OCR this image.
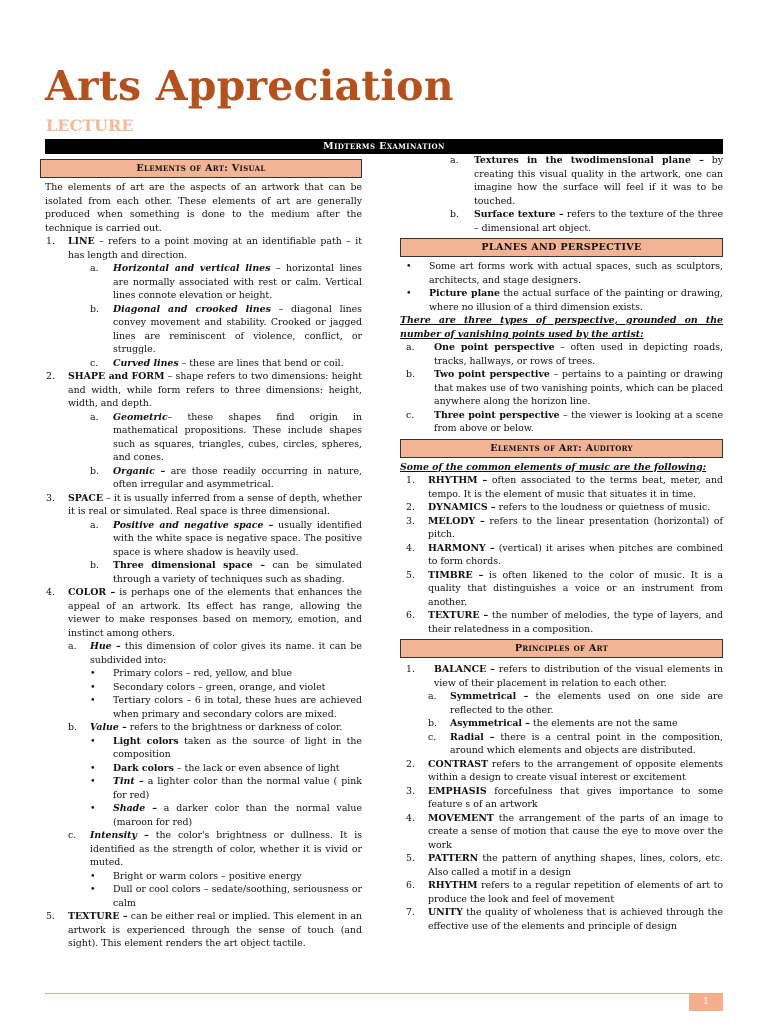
Arts Appreciation
LECTURE
Midterms Examination
Elements of Art: Visual

The elements of art are the aspects of an artwork that can be isolated from each other. These elements of art are generally produced when something is done to the medium after the technique is carried out.

1.	LINE – refers to a point moving at an identifiable path – it has length and direction.
a.	Horizontal and vertical lines – horizontal lines are normally associated with rest or calm. Vertical lines connote elevation or height.
b.	Diagonal and crooked lines – diagonal lines convey movement and stability. Crooked or jagged lines are reminiscent of violence, conflict, or struggle.
c.	Curved lines – these are lines that bend or coil.
2.	SHAPE and FORM – shape refers to two dimensions: height and width, while form refers to three dimensions: height, width, and depth.
a.	Geometric– these shapes find origin in mathematical propositions. These include shapes such as squares, triangles, cubes, circles, spheres, and cones.
b.	Organic – are those readily occurring in nature, often irregular and asymmetrical.
3.	SPACE – it is usually inferred from a sense of depth, whether it is real or simulated. Real space is three dimensional.
a.	Positive and negative space – usually identified with the white space is negative space. The positive space is where shadow is heavily used.
b.	Three dimensional space – can be simulated through a variety of techniques such as shading.
4.	COLOR – is perhaps one of the elements that enhances the appeal of an artwork. Its effect has range, allowing the viewer to make responses based on memory, emotion, and instinct among others.
a.	Hue – this dimension of color gives its name. it can be subdivided into:
•	Primary colors – red, yellow, and blue
•	Secondary colors – green, orange, and violet
•	Tertiary colors – 6 in total, these hues are achieved when primary and secondary colors are mixed.
b.	Value – refers to the brightness or darkness of color.
•	Light colors taken as the source of light in the composition
•	Dark colors – the lack or even absence of light
•	Tint – a lighter color than the normal value ( pink for red)
•	Shade – a darker color than the normal value (maroon for red)
c.	Intensity – the color's brightness or dullness. It is identified as the strength of color, whether it is vivid or muted.
•	Bright or warm colors – positive energy
•	Dull or cool colors – sedate/soothing, seriousness or calm
5.	TEXTURE – can be either real or implied. This element in an artwork is experienced through the sense of touch (and sight). This element renders the art object tactile.
a.	Textures in the twodimensional plane – by creating this visual quality in the artwork, one can imagine how the surface will feel if it was to be touched.
b.	Surface texture – refers to the texture of the three – dimensional art object.
PLANES AND PERSPECTIVE
•	Some art forms work with actual spaces, such as sculptors, architects, and stage designers.
•	Picture plane the actual surface of the painting or drawing, where no illusion of a third dimension exists.

There are three types of perspective, grounded on the number of vanishing points used by the artist:

a.	One point perspective – often used in depicting roads, tracks, hallways, or rows of trees.
b.	Two point perspective – pertains to a painting or drawing that makes use of two vanishing points, which can be placed anywhere along the horizon line.
c.	Three point perspective – the viewer is looking at a scene from above or below.
Elements of Art: Auditory

Some of the common elements of music are the following:

1.	RHYTHM – often associated to the terms beat, meter, and tempo. It is the element of music that situates it in time.
2.	DYNAMICS – refers to the loudness or quietness of music.
3.	MELODY – refers to the linear presentation (horizontal) of pitch.
4.	HARMONY – (vertical) it arises when pitches are combined to form chords.
5.	TIMBRE – is often likened to the color of music. It is a quality that distinguishes a voice or an instrument from another.
6.	TEXTURE – the number of melodies, the type of layers, and their relatedness in a composition.
Principles of Art
1.	BALANCE – refers to distribution of the visual elements in view of their placement in relation to each other.
a.	Symmetrical – the elements used on one side are reflected to the other.
b.	Asymmetrical – the elements are not the same
c.	Radial – there is a central point in the composition, around which elements and objects are distributed.
2.	CONTRAST refers to the arrangement of opposite elements within a design to create visual interest or excitement
3.	EMPHASIS forcefulness that gives importance to some feature s of an artwork
4.	MOVEMENT the arrangement of the parts of an image to create a sense of motion that cause the eye to move over the work
5.	PATTERN the pattern of anything shapes, lines, colors, etc. Also called a motif in a design
6.	RHYTHM refers to a regular repetition of elements of art to produce the look and feel of movement
7.	UNITY the quality of wholeness that is achieved through the effective use of the elements and principle of design
1
